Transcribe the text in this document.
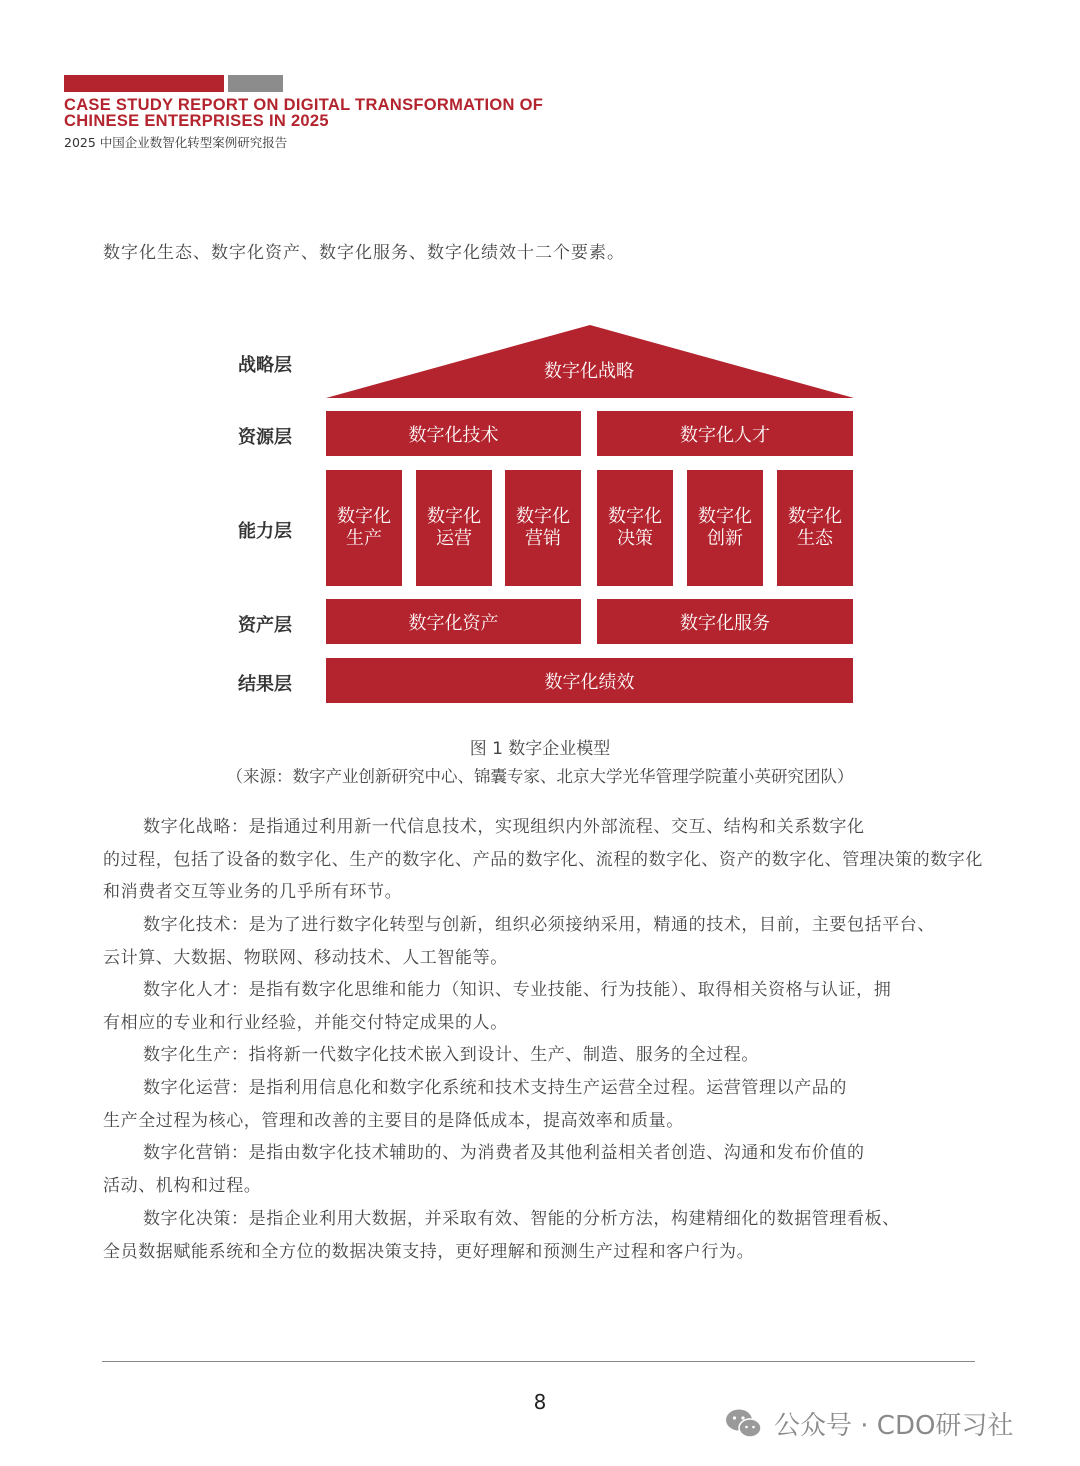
CASE STUDY REPORT ON DIGITAL TRANSFORMATION OF
CHINESE ENTERPRISES IN 2025
2025 中国企业数智化转型案例研究报告
数字化生态、数字化资产、数字化服务、数字化绩效十二个要素。
战略层
资源层
能力层
资产层
结果层
数字化战略
数字化技术	数字化人才
数字化
生产
数字化
运营
数字化
营销
数字化
决策
数字化
创新
数字化
生态
数字化资产	数字化服务
数字化绩效
图 1 数字企业模型
（来源：数字产业创新研究中心、锦囊专家、北京大学光华管理学院董小英研究团队）
数字化战略：是指通过利用新一代信息技术，实现组织内外部流程、交互、结构和关系数字化
的过程，包括了设备的数字化、生产的数字化、产品的数字化、流程的数字化、资产的数字化、管理决策的数字化和消费者交互等业务的几乎所有环节。
数字化技术：是为了进行数字化转型与创新，组织必须接纳采用，精通的技术，目前，主要包括平台、
云计算、大数据、物联网、移动技术、人工智能等。
数字化人才：是指有数字化思维和能力（知识、专业技能、行为技能）、取得相关资格与认证，拥
有相应的专业和行业经验，并能交付特定成果的人。
数字化生产：指将新一代数字化技术嵌入到设计、生产、制造、服务的全过程。
数字化运营：是指利用信息化和数字化系统和技术支持生产运营全过程。运营管理以产品的
生产全过程为核心，管理和改善的主要目的是降低成本，提高效率和质量。
数字化营销：是指由数字化技术辅助的、为消费者及其他利益相关者创造、沟通和发布价值的
活动、机构和过程。
数字化决策：是指企业利用大数据，并采取有效、智能的分析方法，构建精细化的数据管理看板、
全员数据赋能系统和全方位的数据决策支持，更好理解和预测生产过程和客户行为。
8
公众号 · CDO研习社
